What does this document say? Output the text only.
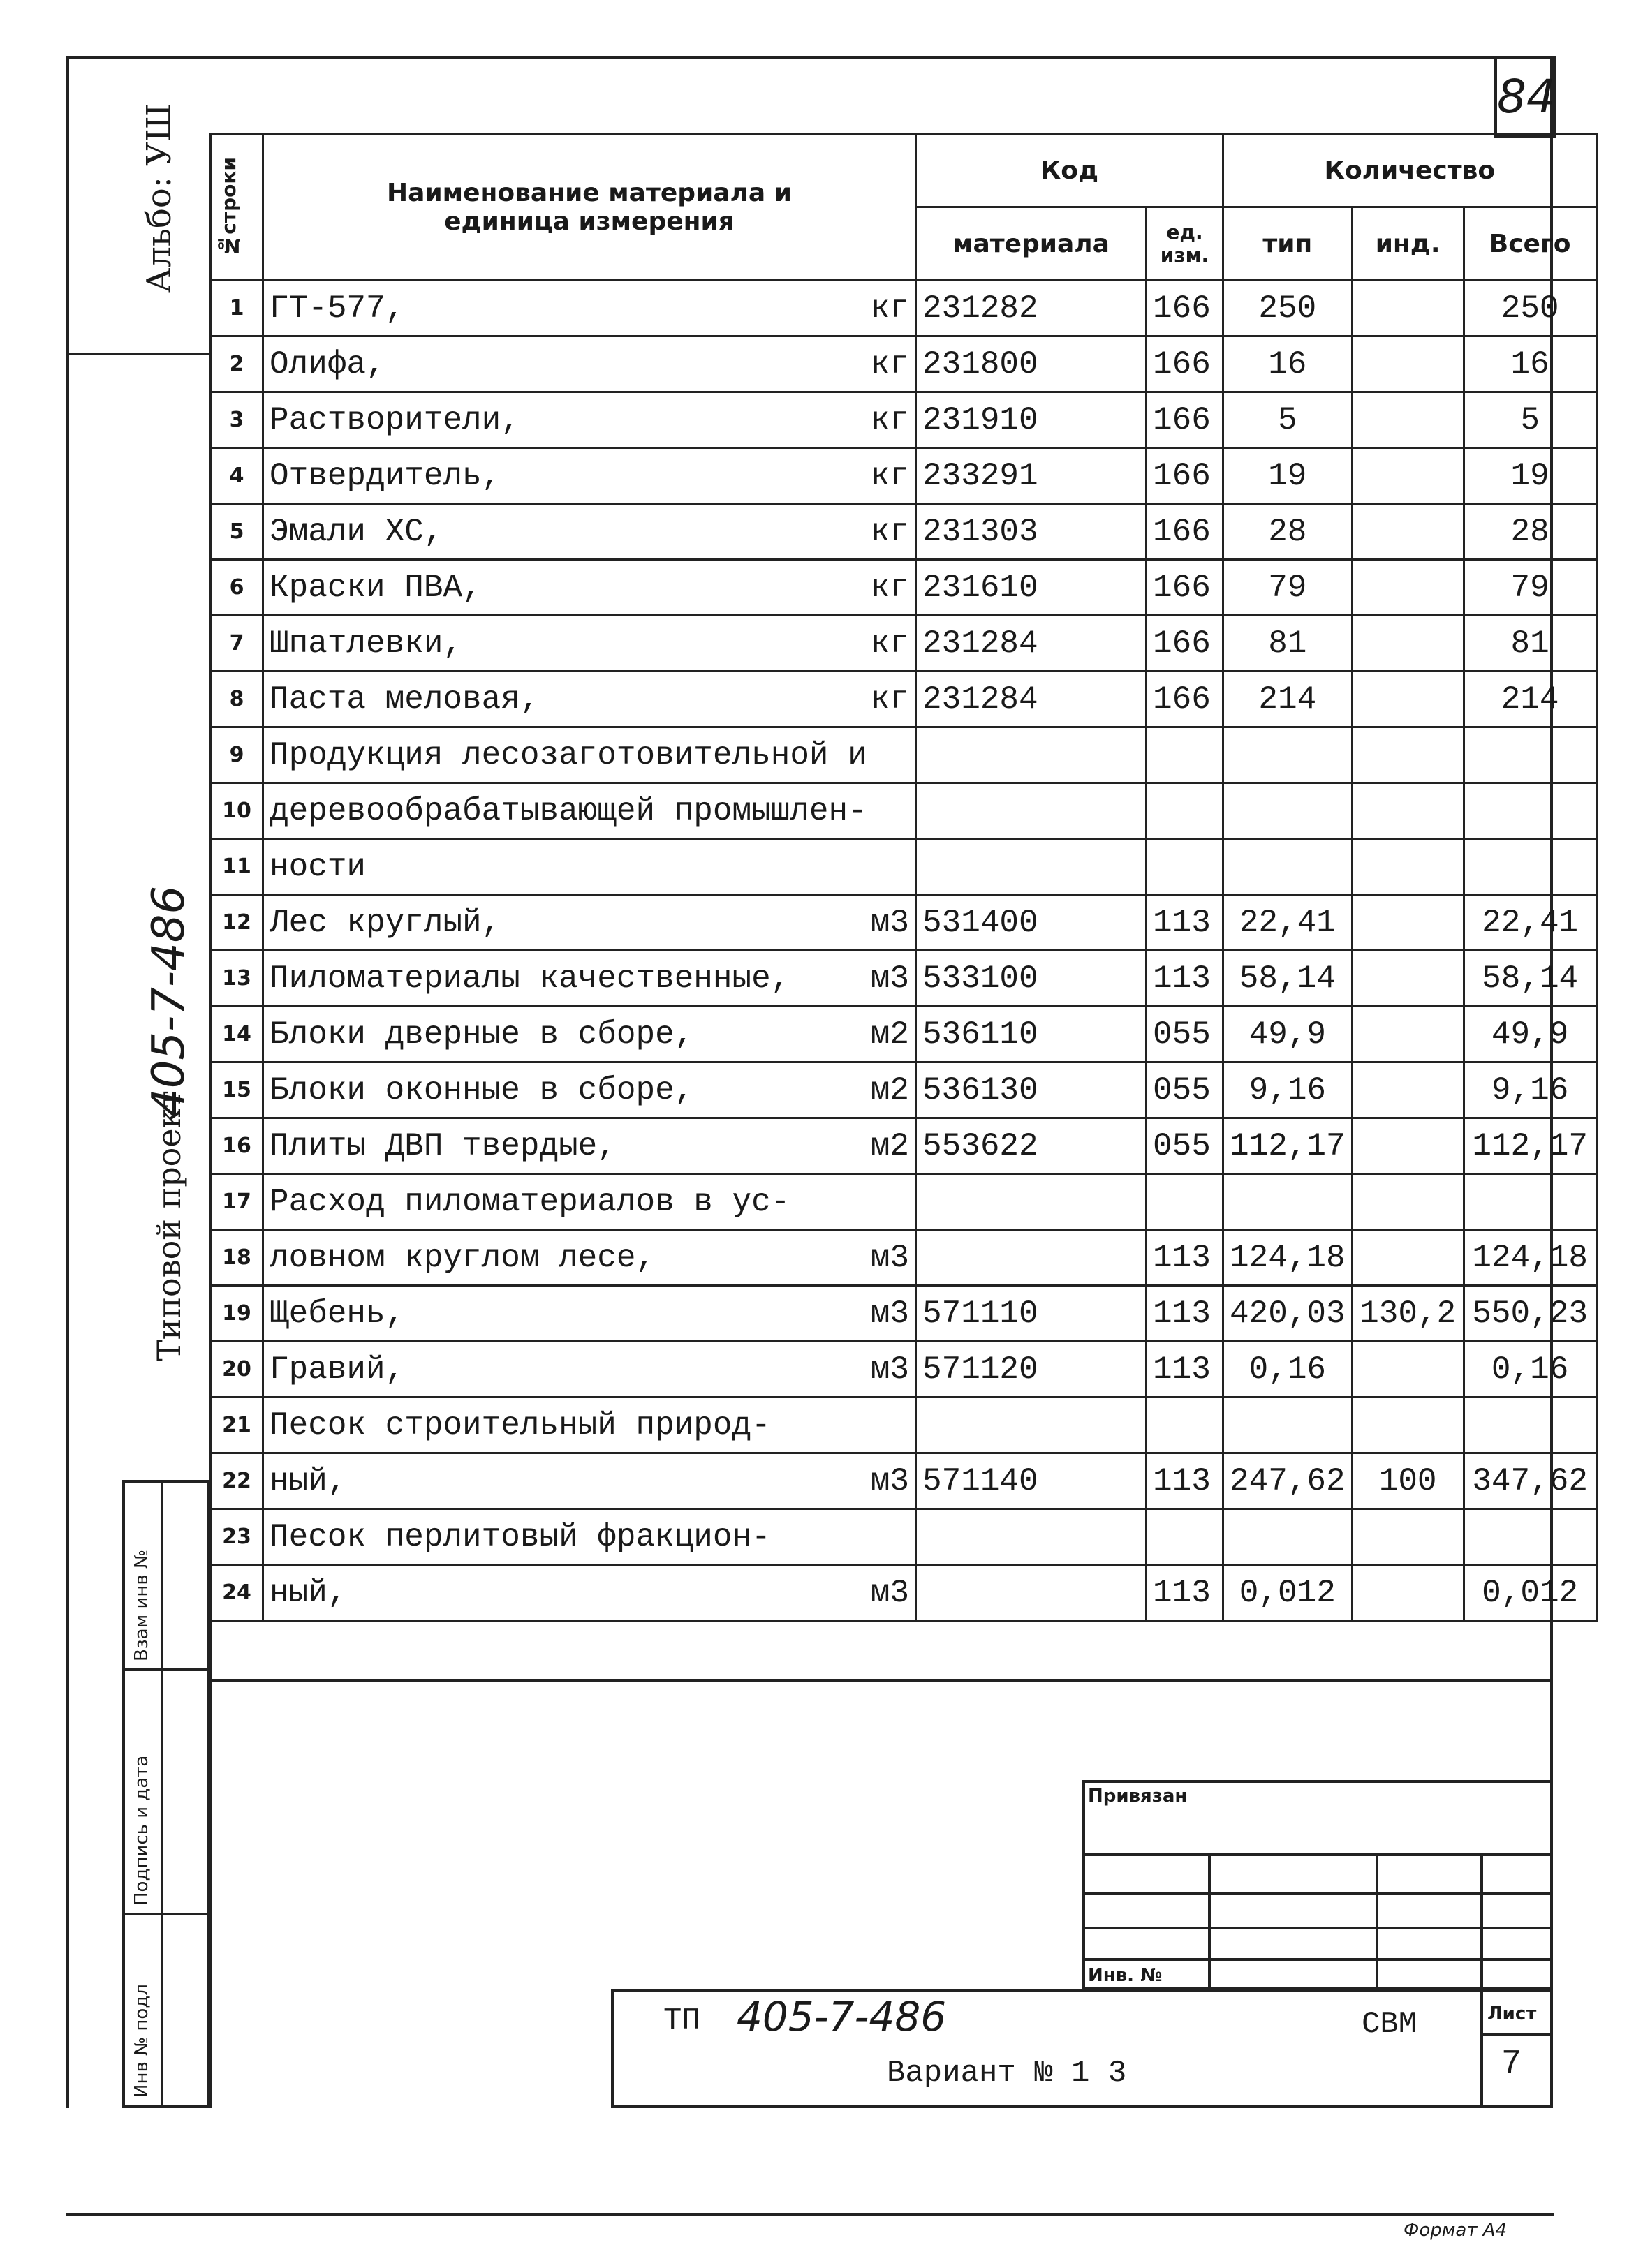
84
Альбо: УШ
Типовой проект
405-7-486
Взам инв №
Подпись и дата
Инв № подл
№строки	Наименование материала и единица измерения	Код		Количество		
		материала	ед. изм.	тип	инд.	Всего
1	ГТ-577, кг	231282	166	250		250
2	Олифа, кг	231800	166	16		16
3	Растворители, кг	231910	166	5		5
4	Отвердитель, кг	233291	166	19		19
5	Эмали ХС, кг	231303	166	28		28
6	Краски ПВА, кг	231610	166	79		79
7	Шпатлевки, кг	231284	166	81		81
8	Паста меловая, кг	231284	166	214		214
9	Продукция лесозаготовительной и					

10	деревообрабатывающей промышлен-					

11	ности					

12	Лес круглый, м3	531400	113	22,41		22,41
13	Пиломатериалы качественные, м3	533100	113	58,14		58,14
14	Блоки дверные в сборе, м2	536110	055	49,9		49,9
15	Блоки оконные в сборе, м2	536130	055	9,16		9,16
16	Плиты ДВП твердые, м2	553622	055	112,17		112,17
17	Расход пиломатериалов в ус-					

18	ловном круглом лесе, м3		113	124,18		124,18
19	Щебень, м3	571110	113	420,03	130,2	550,23
20	Гравий, м3	571120	113	0,16		0,16
21	Песок строительный природ-					

22	ный, м3	571140	113	247,62	100	347,62
23	Песок перлитовый фракцион-					

24	ный, м3		113	0,012		0,012
Привязан
Инв. №
ТП 405-7-486	СВМ
Вариант № 1 3
Лист
7
Формат А4
